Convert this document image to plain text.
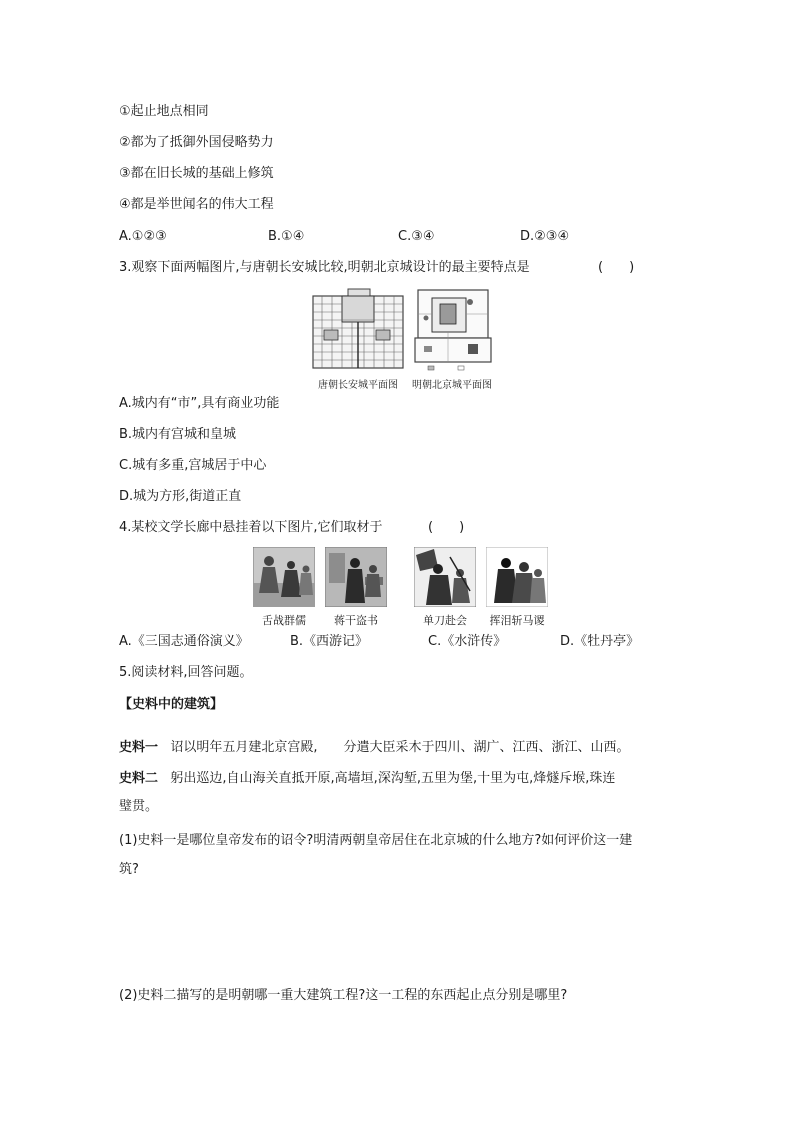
①起止地点相同
②都为了抵御外国侵略势力
③都在旧长城的基础上修筑
④都是举世闻名的伟大工程
A.①②③	B.①④	C.③④	D.②③④
3.观察下面两幅图片,与唐朝长安城比较,明朝北京城设计的最主要特点是	(　　)
唐朝长安城平面图	明朝北京城平面图
A.城内有“市”,具有商业功能
B.城内有宫城和皇城
C.城有多重,宫城居于中心
D.城为方形,街道正直
4.某校文学长廊中悬挂着以下图片,它们取材于	(　　)
舌战群儒	蒋干盗书	单刀赴会	挥泪斩马谡
A.《三国志通俗演义》	B.《西游记》	C.《水浒传》	D.《牡丹亭》
5.阅读材料,回答问题。
【史料中的建筑】
史料一 诏以明年五月建北京宫殿,　　分遣大臣采木于四川、湖广、江西、浙江、山西。
史料二 躬出巡边,自山海关直抵开原,高墙垣,深沟堑,五里为堡,十里为屯,烽燧斥堠,珠连
璧贯。
(1)史料一是哪位皇帝发布的诏令?明清两朝皇帝居住在北京城的什么地方?如何评价这一建
筑?
(2)史料二描写的是明朝哪一重大建筑工程?这一工程的东西起止点分别是哪里?
